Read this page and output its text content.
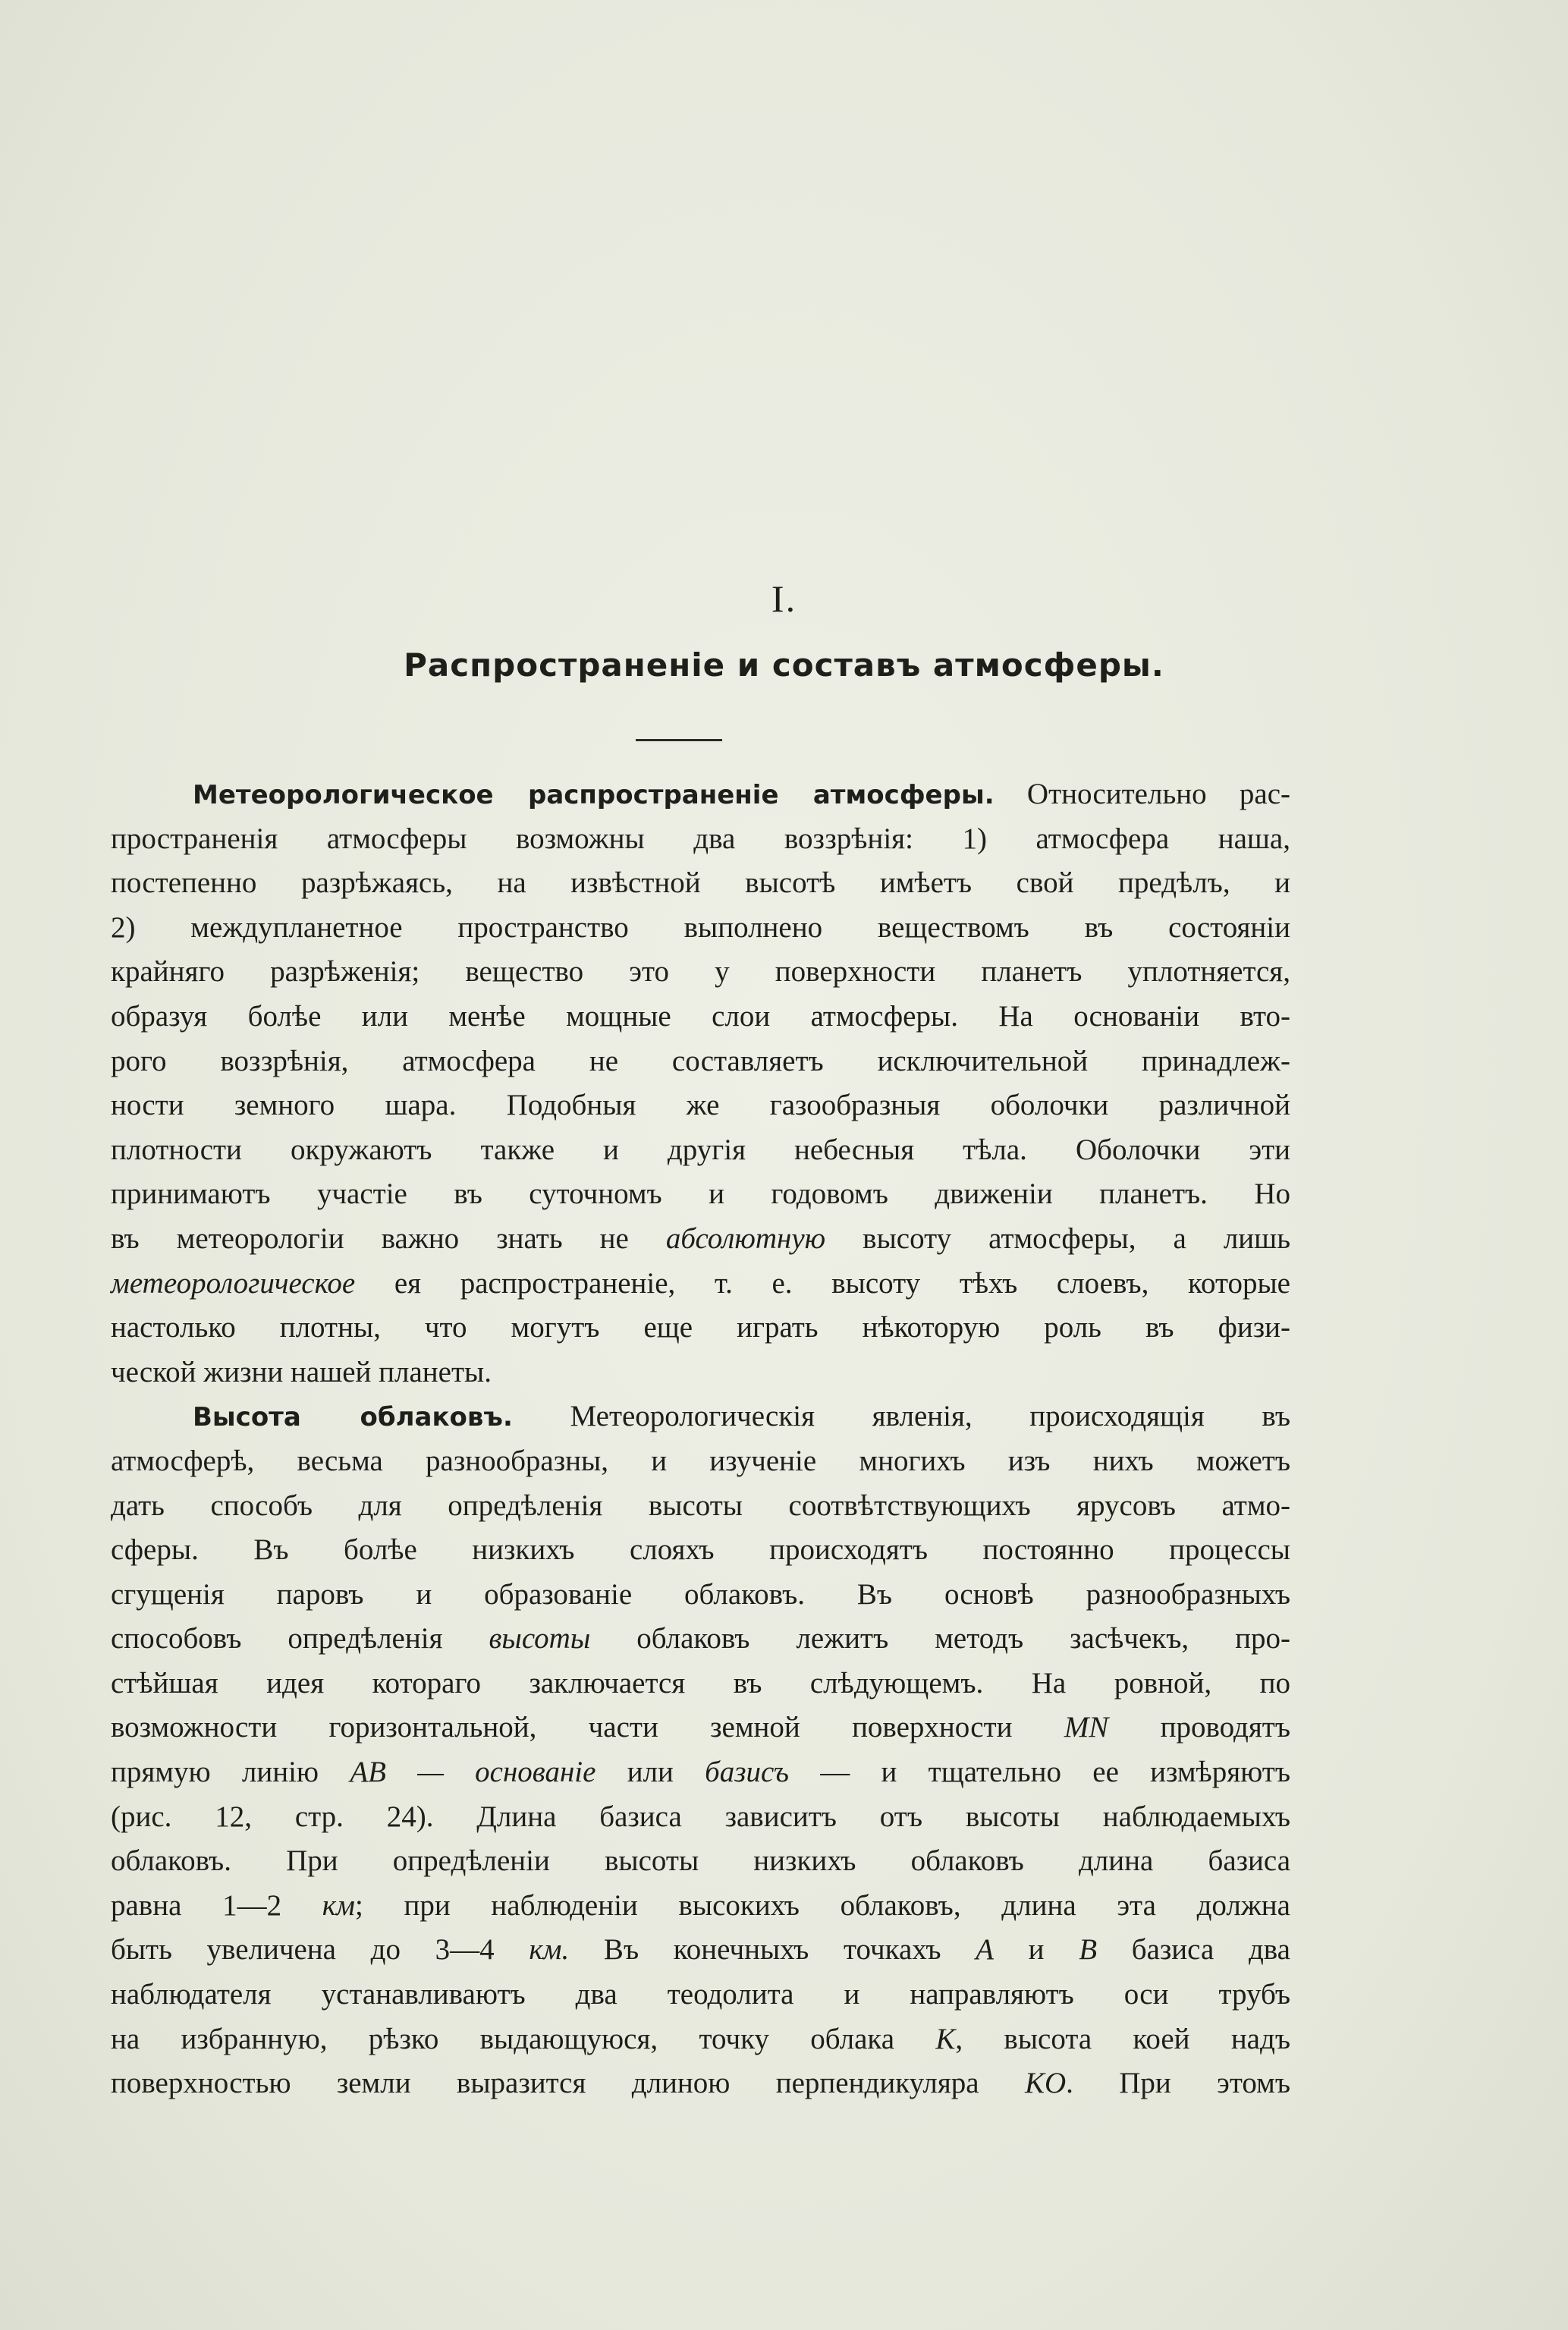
I.
Распространенie и составъ атмосферы.
Метеорологическое распространенie атмосферы. Относительно рас-
пространенiя атмосферы возможны два воззрѣнiя: 1) атмосфера наша,
постепенно разрѣжаясь, на извѣстной высотѣ имѣетъ свой предѣлъ, и
2) междупланетное пространство выполнено веществомъ въ состоянiи
крайняго разрѣженiя; вещество это у поверхности планетъ уплотняется,
образуя болѣе или менѣе мощные слои атмосферы. На основанiи вто-
рого воззрѣнiя, атмосфера не составляетъ исключительной принадлеж-
ности земного шара. Подобныя же газообразныя оболочки различной
плотности окружаютъ также и другiя небесныя тѣла. Оболочки эти
принимаютъ участiе въ суточномъ и годовомъ движенiи планетъ. Но
въ метеорологiи важно знать не абсолютную высоту атмосферы, а лишь
метеорологическое ея распространенiе, т. е. высоту тѣхъ слоевъ, которые
настолько плотны, что могутъ еще играть нѣкоторую роль въ физи-
ческой жизни нашей планеты.
Высота облаковъ. Метеорологическiя явленiя, происходящiя въ
атмосферѣ, весьма разнообразны, и изученiе многихъ изъ нихъ можетъ
дать способъ для опредѣленiя высоты соотвѣтствующихъ ярусовъ атмо-
сферы. Въ болѣе низкихъ слояхъ происходятъ постоянно процессы
сгущенiя паровъ и образованiе облаковъ. Въ основѣ разнообразныхъ
способовъ опредѣленiя высоты облаковъ лежитъ методъ засѣчекъ, про-
стѣйшая идея котораго заключается въ слѣдующемъ. На ровной, по
возможности горизонтальной, части земной поверхности MN проводятъ
прямую линiю AB — основанiе или базисъ — и тщательно ее измѣряютъ
(рис. 12, стр. 24). Длина базиса зависитъ отъ высоты наблюдаемыхъ
облаковъ. При опредѣленiи высоты низкихъ облаковъ длина базиса
равна 1—2 км; при наблюденiи высокихъ облаковъ, длина эта должна
быть увеличена до 3—4 км. Въ конечныхъ точкахъ A и B базиса два
наблюдателя устанавливаютъ два теодолита и направляютъ оси трубъ
на избранную, рѣзко выдающуюся, точку облака K, высота коей надъ
поверхностью земли выразится длиною перпендикуляра KO. При этомъ
